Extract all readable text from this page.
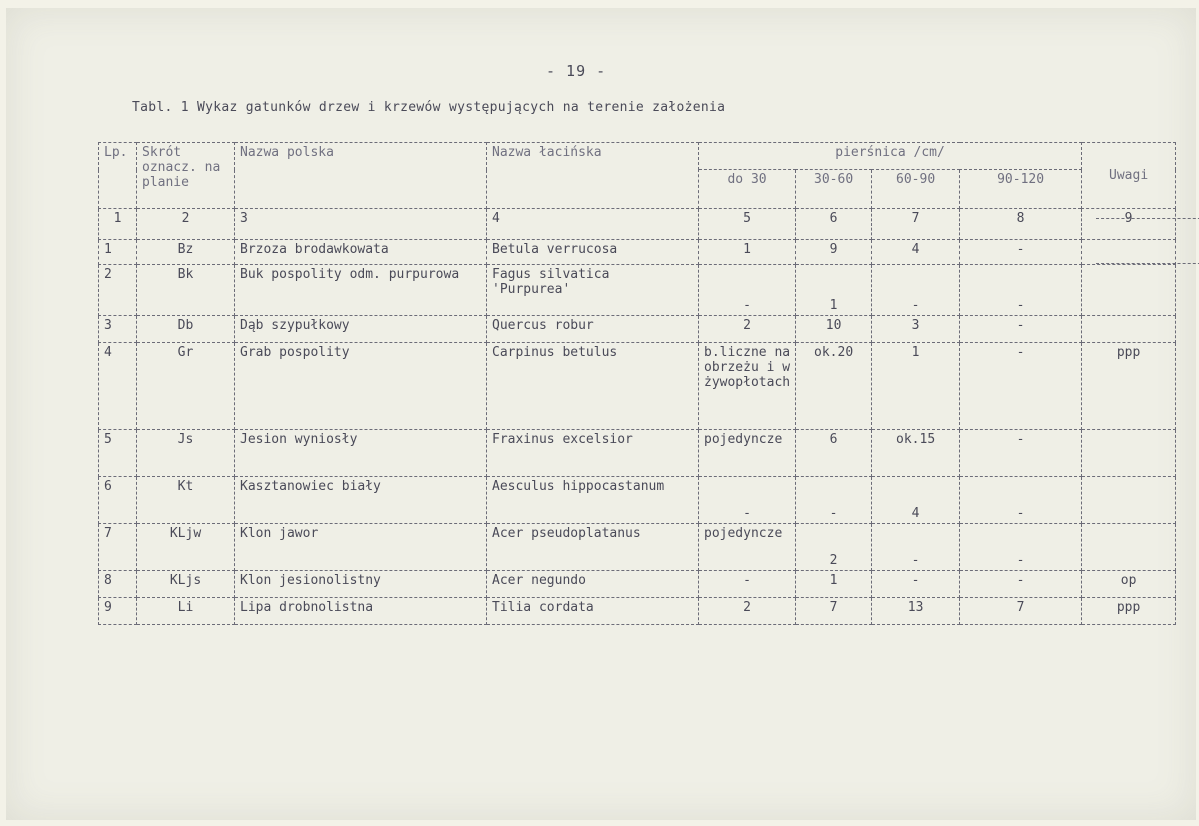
- 19 -
Tabl. 1 Wykaz gatunków drzew i krzewów występujących na terenie założenia
Lp.	Skrót oznacz. na planie	Nazwa polska	Nazwa łacińska	pierśnica /cm/				Uwagi
				do 30	30-60	60-90	90-120	
1	2	3	4	5	6	7	8	9
1	Bz	Brzoza brodawkowata	Betula verrucosa	1	9	4	-	
2	Bk	Buk pospolity odm. purpurowa	Fagus silvatica 'Purpurea'	-	1	-	-	
3	Db	Dąb szypułkowy	Quercus robur	2	10	3	-	
4	Gr	Grab pospolity	Carpinus betulus	b.liczne na obrzeżu i w żywopłotach	ok.20	1	-	ppp
5	Js	Jesion wyniosły	Fraxinus excelsior	pojedyncze	6	ok.15	-	
6	Kt	Kasztanowiec biały	Aesculus hippocastanum	-	-	4	-	
7	KLjw	Klon jawor	Acer pseudoplatanus	pojedyncze	2	-	-	
8	KLjs	Klon jesionolistny	Acer negundo	-	1	-	-	op
9	Li	Lipa drobnolistna	Tilia cordata	2	7	13	7	ppp
